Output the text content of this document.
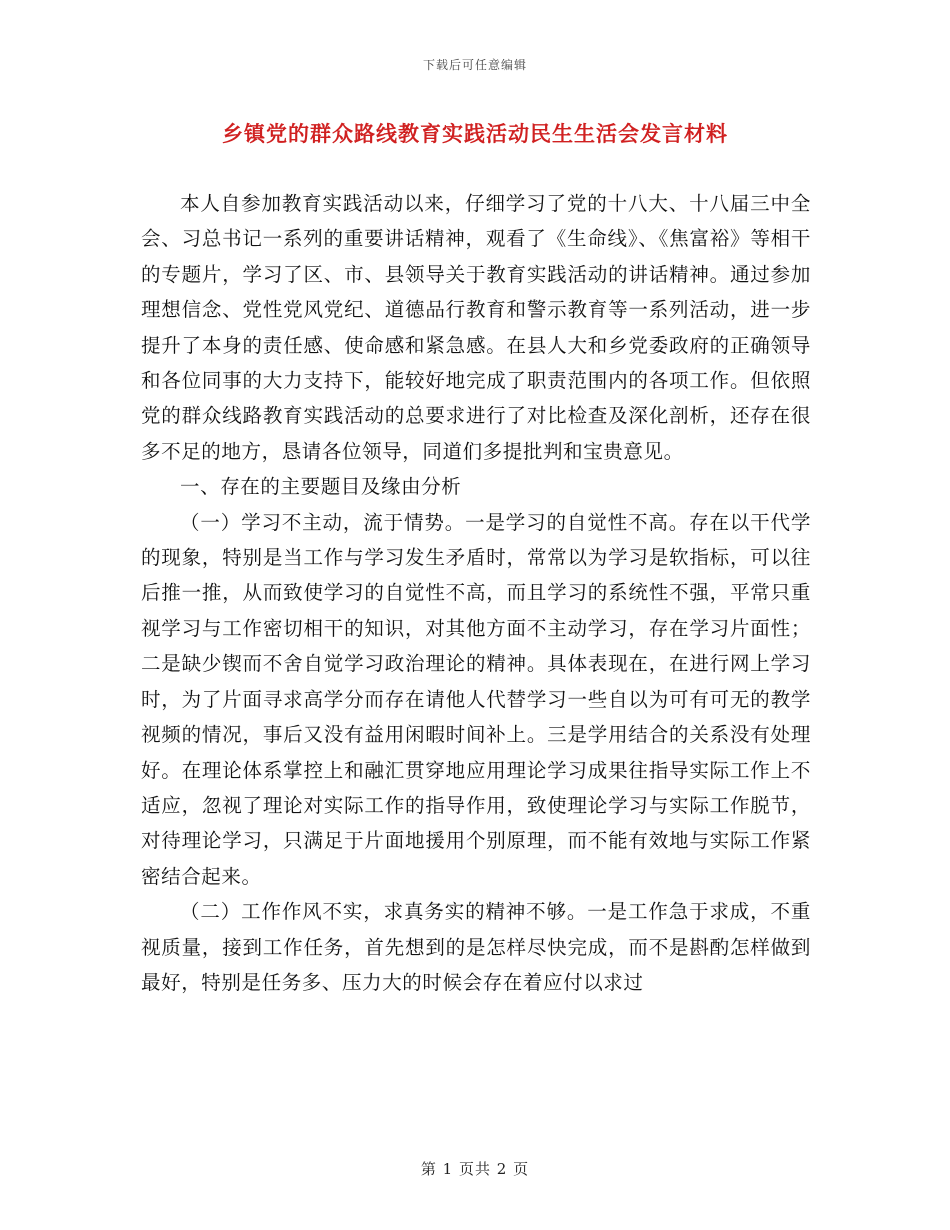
下载后可任意编辑
乡镇党的群众路线教育实践活动民生生活会发言材料

本人自参加教育实践活动以来，仔细学习了党的十八大、十八届三中全会、习总书记一系列的重要讲话精神，观看了《生命线》、《焦富裕》等相干的专题片，学习了区、市、县领导关于教育实践活动的讲话精神。通过参加理想信念、党性党风党纪、道德品行教育和警示教育等一系列活动，进一步提升了本身的责任感、使命感和紧急感。在县人大和乡党委政府的正确领导和各位同事的大力支持下，能较好地完成了职责范围内的各项工作。但依照党的群众线路教育实践活动的总要求进行了对比检查及深化剖析，还存在很多不足的地方，恳请各位领导，同道们多提批判和宝贵意见。

一、存在的主要题目及缘由分析

（一）学习不主动，流于情势。一是学习的自觉性不高。存在以干代学的现象，特别是当工作与学习发生矛盾时，常常以为学习是软指标，可以往后推一推，从而致使学习的自觉性不高，而且学习的系统性不强，平常只重视学习与工作密切相干的知识，对其他方面不主动学习，存在学习片面性；二是缺少锲而不舍自觉学习政治理论的精神。具体表现在，在进行网上学习时，为了片面寻求高学分而存在请他人代替学习一些自以为可有可无的教学视频的情况，事后又没有益用闲暇时间补上。三是学用结合的关系没有处理好。在理论体系掌控上和融汇贯穿地应用理论学习成果往指导实际工作上不适应，忽视了理论对实际工作的指导作用，致使理论学习与实际工作脱节，对待理论学习，只满足于片面地援用个别原理，而不能有效地与实际工作紧密结合起来。

（二）工作作风不实，求真务实的精神不够。一是工作急于求成，不重视质量，接到工作任务，首先想到的是怎样尽快完成，而不是斟酌怎样做到最好，特别是任务多、压力大的时候会存在着应付以求过

第 1 页共 2 页
